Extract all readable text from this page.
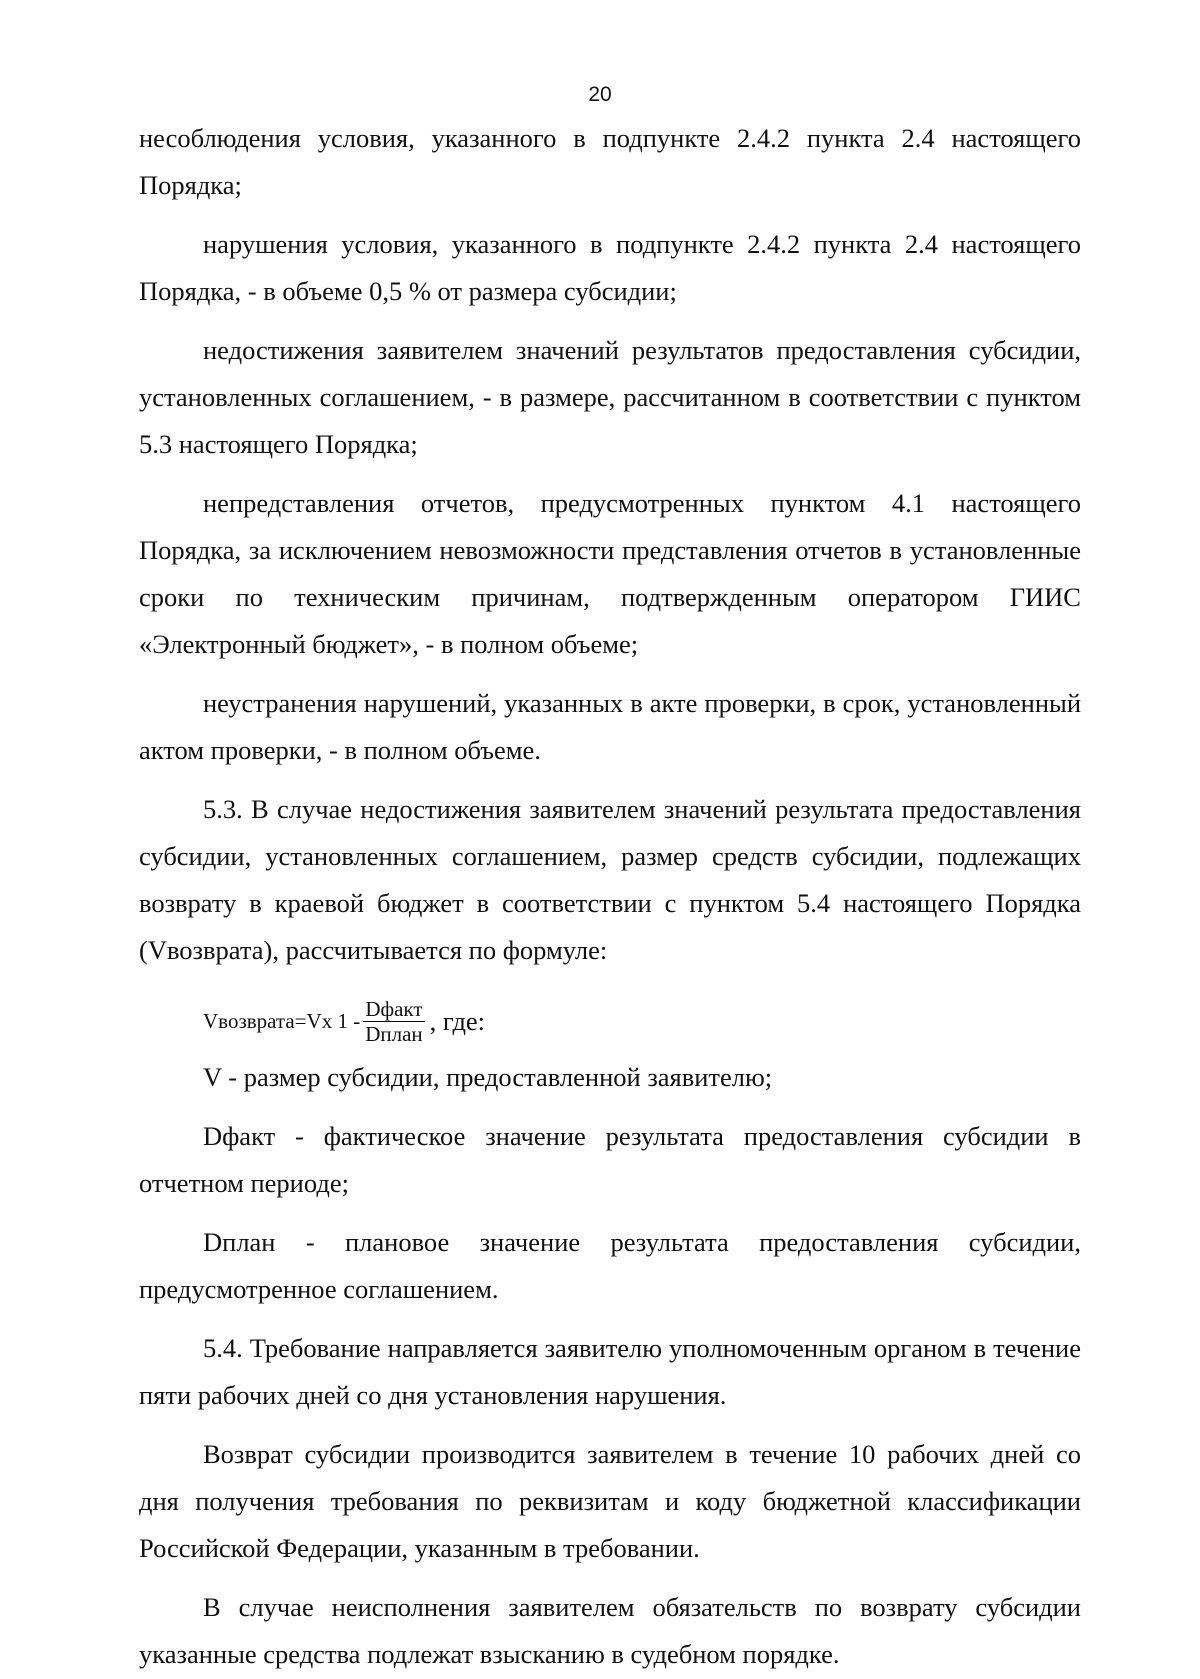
20

несоблюдения условия, указанного в подпункте 2.4.2 пункта 2.4 настоящего Порядка;

нарушения условия, указанного в подпункте 2.4.2 пункта 2.4 настоящего Порядка, - в объеме 0,5 % от размера субсидии;

недостижения заявителем значений результатов предоставления субсидии, установленных соглашением, - в размере, рассчитанном в соответствии с пунктом 5.3 настоящего Порядка;

непредставления отчетов, предусмотренных пунктом 4.1 настоящего Порядка, за исключением невозможности представления отчетов в установленные сроки по техническим причинам, подтвержденным оператором ГИИС «Электронный бюджет», - в полном объеме;

неустранения нарушений, указанных в акте проверки, в срок, установленный актом проверки, - в полном объеме.

5.3. В случае недостижения заявителем значений результата предоставления субсидии, установленных соглашением, размер средств субсидии, подлежащих возврату в краевой бюджет в соответствии с пунктом 5.4 настоящего Порядка (Vвозврата), рассчитывается по формуле:

Vвозврата=Vx $1 - \frac{\text{Dфакт}}{\text{Dплан}}$ , где:

V - размер субсидии, предоставленной заявителю;

Dфакт - фактическое значение результата предоставления субсидии в отчетном периоде;

Dплан - плановое значение результата предоставления субсидии, предусмотренное соглашением.

5.4. Требование направляется заявителю уполномоченным органом в течение пяти рабочих дней со дня установления нарушения.

Возврат субсидии производится заявителем в течение 10 рабочих дней со дня получения требования по реквизитам и коду бюджетной классификации Российской Федерации, указанным в требовании.

В случае неисполнения заявителем обязательств по возврату субсидии указанные средства подлежат взысканию в судебном порядке.
